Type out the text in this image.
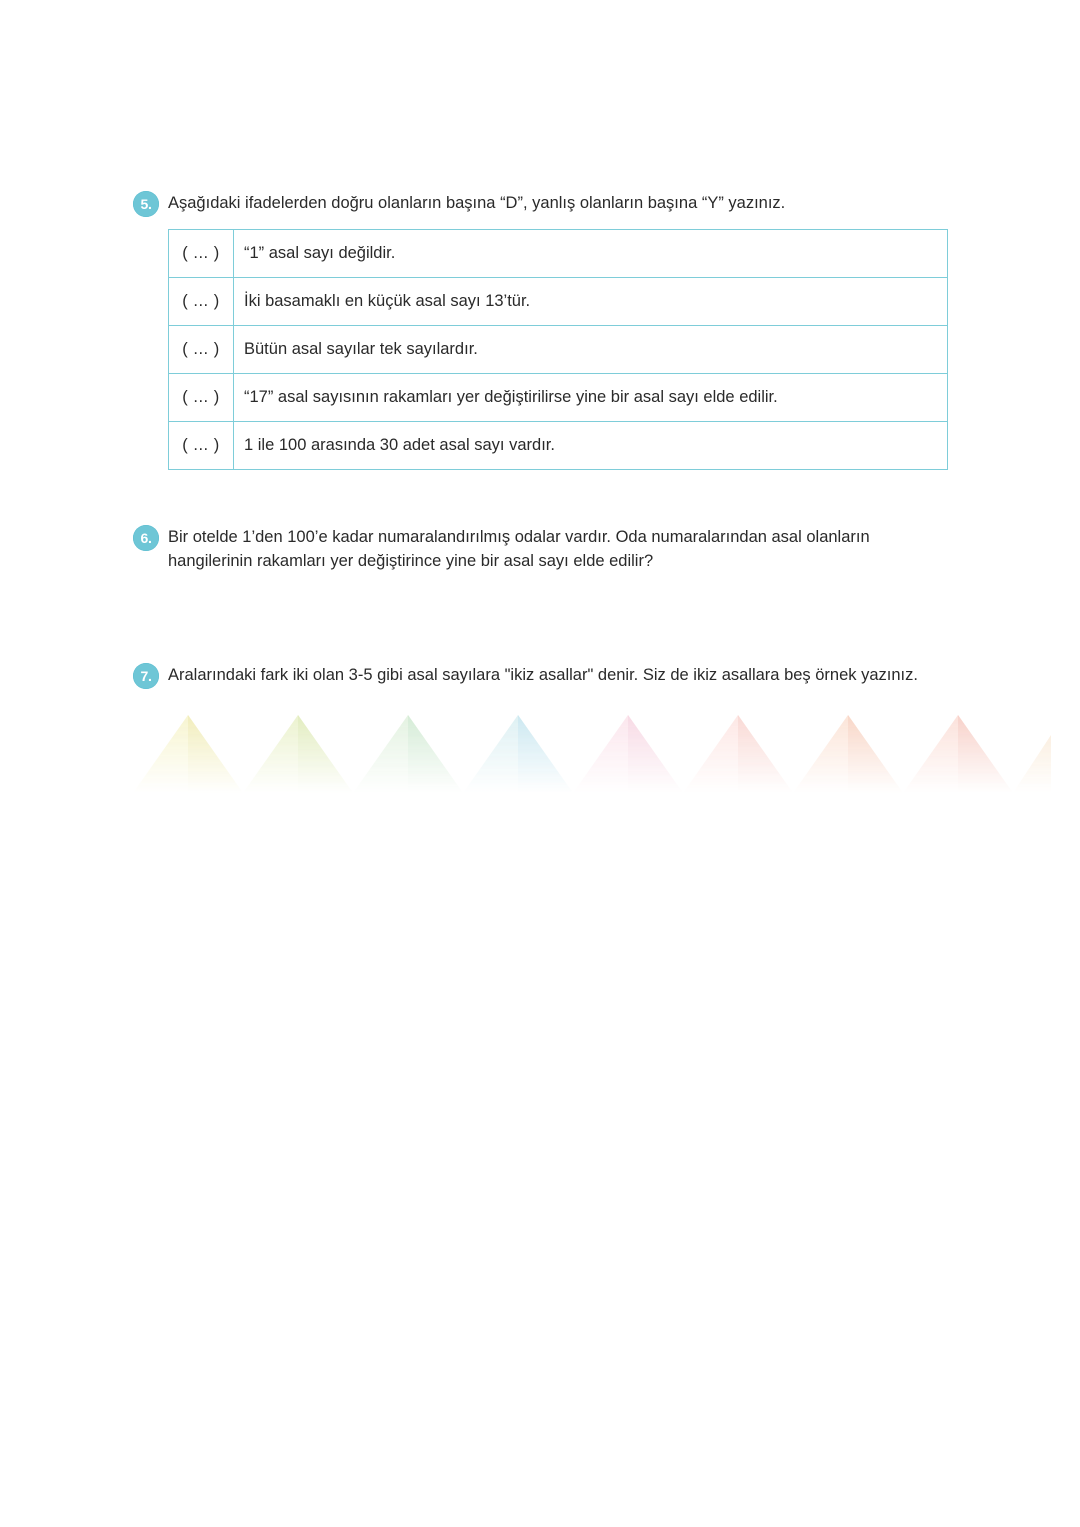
5. Aşağıdaki ifadelerden doğru olanların başına “D”, yanlış olanların başına “Y” yazınız.
( ... )	“1” asal sayı değildir.
( ... )	İki basamaklı en küçük asal sayı 13’tür.
( ... )	Bütün asal sayılar tek sayılardır.
( ... )	“17” asal sayısının rakamları yer değiştirilirse yine bir asal sayı elde edilir.
( ... )	1 ile 100 arasında 30 adet asal sayı vardır.
6. Bir otelde 1’den 100’e kadar numaralandırılmış odalar vardır. Oda numaralarından asal olanların hangilerinin rakamları yer değiştirince yine bir asal sayı elde edilir?
7. Aralarındaki fark iki olan 3-5 gibi asal sayılara "ikiz asallar" denir. Siz de ikiz asallara beş örnek yazınız.
